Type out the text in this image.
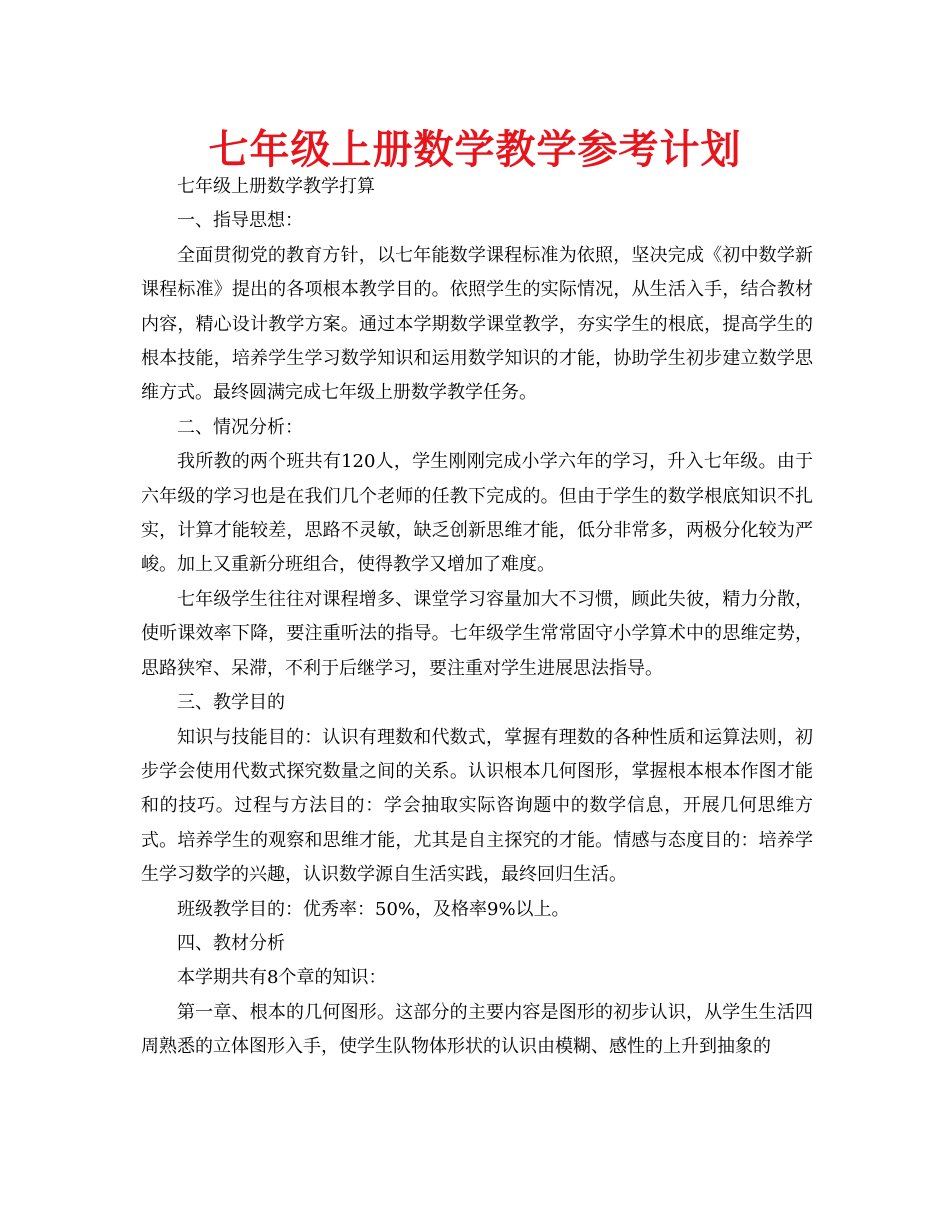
七年级上册数学教学参考计划

七年级上册数学教学打算

一、指导思想：

全面贯彻党的教育方针，以七年能数学课程标准为依照，坚决完成《初中数学新课程标准》提出的各项根本教学目的。依照学生的实际情况，从生活入手，结合教材内容，精心设计教学方案。通过本学期数学课堂教学，夯实学生的根底，提高学生的根本技能，培养学生学习数学知识和运用数学知识的才能，协助学生初步建立数学思维方式。最终圆满完成七年级上册数学教学任务。

二、情况分析：

我所教的两个班共有120人，学生刚刚完成小学六年的学习，升入七年级。由于六年级的学习也是在我们几个老师的任教下完成的。但由于学生的数学根底知识不扎实，计算才能较差，思路不灵敏，缺乏创新思维才能，低分非常多，两极分化较为严峻。加上又重新分班组合，使得教学又增加了难度。

七年级学生往往对课程增多、课堂学习容量加大不习惯，顾此失彼，精力分散，使听课效率下降，要注重听法的指导。七年级学生常常固守小学算术中的思维定势，思路狭窄、呆滞，不利于后继学习，要注重对学生进展思法指导。

三、教学目的

知识与技能目的：认识有理数和代数式，掌握有理数的各种性质和运算法则，初步学会使用代数式探究数量之间的关系。认识根本几何图形，掌握根本根本作图才能和的技巧。过程与方法目的：学会抽取实际咨询题中的数学信息，开展几何思维方式。培养学生的观察和思维才能，尤其是自主探究的才能。情感与态度目的：培养学生学习数学的兴趣，认识数学源自生活实践，最终回归生活。

班级教学目的：优秀率：50%，及格率9%以上。

四、教材分析

本学期共有8个章的知识：

第一章、根本的几何图形。这部分的主要内容是图形的初步认识，从学生生活四周熟悉的立体图形入手，使学生队物体形状的认识由模糊、感性的上升到抽象的
